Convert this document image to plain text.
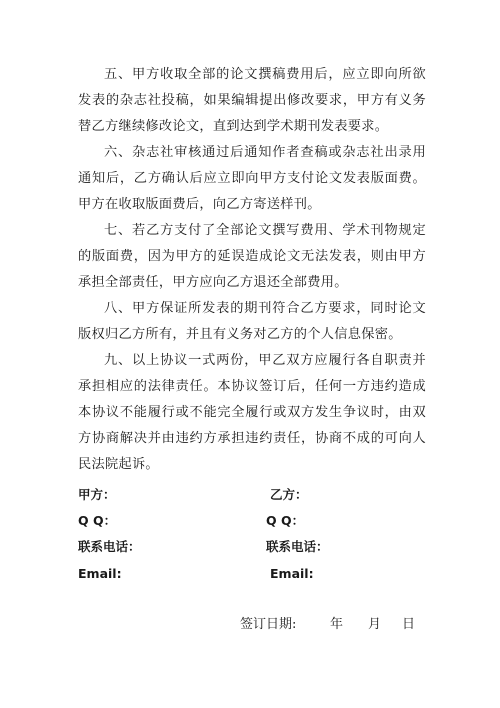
五、甲方收取全部的论文撰稿费用后，应立即向所欲发表的杂志社投稿，如果编辑提出修改要求，甲方有义务替乙方继续修改论文，直到达到学术期刊发表要求。

六、杂志社审核通过后通知作者查稿或杂志社出录用通知后，乙方确认后应立即向甲方支付论文发表版面费。甲方在收取版面费后，向乙方寄送样刊。

七、若乙方支付了全部论文撰写费用、学术刊物规定的版面费，因为甲方的延误造成论文无法发表，则由甲方承担全部责任，甲方应向乙方退还全部费用。

八、甲方保证所发表的期刊符合乙方要求，同时论文版权归乙方所有，并且有义务对乙方的个人信息保密。

九、以上协议一式两份，甲乙双方应履行各自职责并承担相应的法律责任。本协议签订后，任何一方违约造成本协议不能履行或不能完全履行或双方发生争议时，由双方协商解决并由违约方承担违约责任，协商不成的可向人民法院起诉。

甲方：
Q Q：
联系电话：
Email:
乙方：
Q Q：
联系电话：
Email:
签订日期:	年 月 日
